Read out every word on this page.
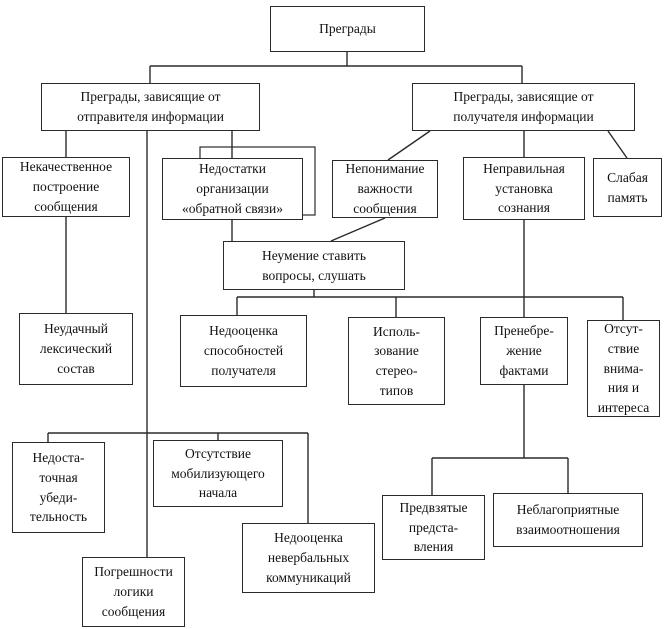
Преграды
Преграды, зависящие от
отправителя информации
Преграды, зависящие от
получателя информации
Некачественное
построение
сообщения
Недостатки
организации
«обратной связи»
Непонимание
важности
сообщения
Неправильная
установка
сознания
Слабая
память
Неумение ставить
вопросы, слушать
Неудачный
лексический
состав
Недооценка
способностей
получателя
Исполь-
зование
стерео-
типов
Пренебре-
жение
фактами
Отсут-
ствие
внима-
ния и
интереса
Недоста-
точная
убеди-
тельность
Отсутствие
мобилизующего
начала
Недооценка
невербальных
коммуникаций
Погрешности
логики
сообщения
Предвзятые
предста-
вления
Неблагоприятные
взаимоотношения
